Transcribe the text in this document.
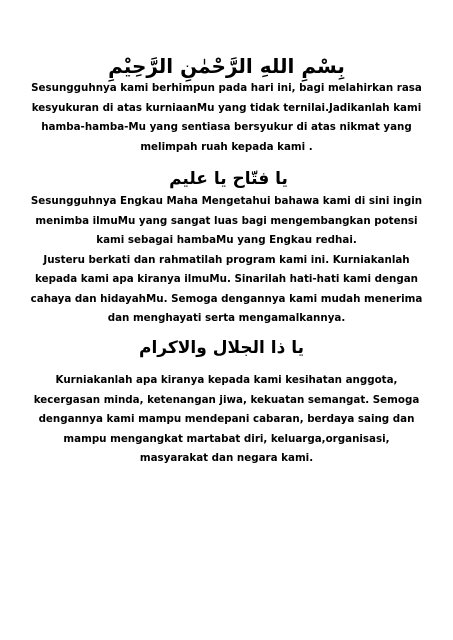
بِسْمِ اللهِ الرَّحْمٰنِ الرَّحِيْمِ

Sesungguhnya kami berhimpun pada hari ini, bagi melahirkan rasa
kesyukuran di atas kurniaanMu yang tidak ternilai.Jadikanlah kami
hamba-hamba-Mu yang sentiasa bersyukur di atas nikmat yang
melimpah ruah kepada kami .

يا فتّاح يا عليم

Sesungguhnya Engkau Maha Mengetahui bahawa kami di sini ingin
menimba ilmuMu yang sangat luas bagi mengembangkan potensi
kami sebagai hambaMu yang Engkau redhai.
Justeru berkati dan rahmatilah program kami ini. Kurniakanlah
kepada kami apa kiranya ilmuMu. Sinarilah hati-hati kami dengan
cahaya dan hidayahMu. Semoga dengannya kami mudah menerima
dan menghayati serta mengamalkannya.

يا ذا الجلال والاكرام

Kurniakanlah apa kiranya kepada kami kesihatan anggota,
kecergasan minda, ketenangan jiwa, kekuatan semangat. Semoga
dengannya kami mampu mendepani cabaran, berdaya saing dan
mampu mengangkat martabat diri, keluarga,organisasi,
masyarakat dan negara kami.
